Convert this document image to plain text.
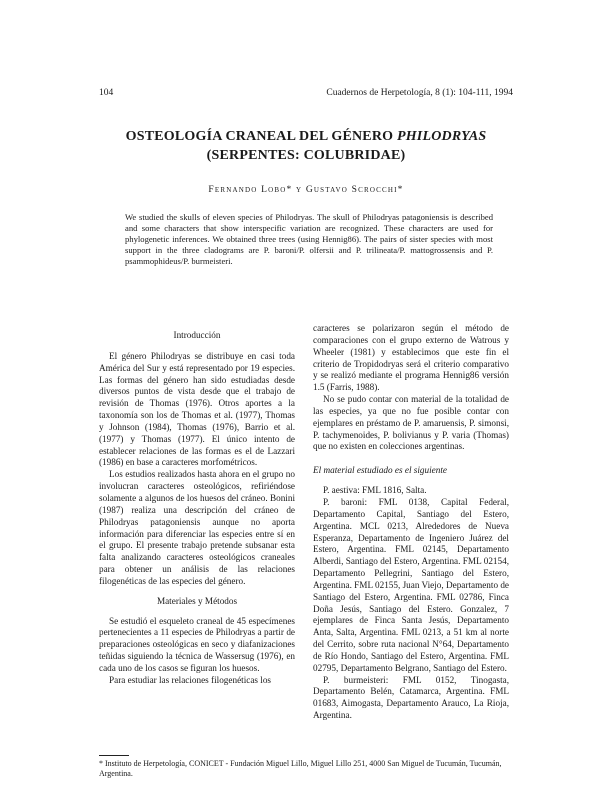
104	Cuadernos de Herpetología, 8 (1): 104-111, 1994
OSTEOLOGÍA CRANEAL DEL GÉNERO PHILODRYAS
(SERPENTES: COLUBRIDAE)
Fernando Lobo* y Gustavo Scrocchi*
We studied the skulls of eleven species of Philodryas. The skull of Philodryas patagoniensis is described and some characters that show interspecific variation are recognized. These characters are used for phylogenetic inferences. We obtained three trees (using Hennig86). The pairs of sister species with most support in the three cladograms are P. baroni/P. olfersii and P. trilineata/P. mattogrossensis and P. psammophideus/P. burmeisteri.
Introducción

El género Philodryas se distribuye en casi toda América del Sur y está representado por 19 especies. Las formas del género han sido estudiadas desde diversos puntos de vista desde que el trabajo de revisión de Thomas (1976). Otros aportes a la taxonomía son los de Thomas et al. (1977), Thomas y Johnson (1984), Thomas (1976), Barrio et al. (1977) y Thomas (1977). El único intento de establecer relaciones de las formas es el de Lazzari (1986) en base a caracteres morfométricos.

Los estudios realizados hasta ahora en el grupo no involucran caracteres osteológicos, refiriéndose solamente a algunos de los huesos del cráneo. Bonini (1987) realiza una descripción del cráneo de Philodryas patagoniensis aunque no aporta información para diferenciar las especies entre sí en el grupo. El presente trabajo pretende subsanar esta falta analizando caracteres osteológicos craneales para obtener un análisis de las relaciones filogenéticas de las especies del género.

Materiales y Métodos

Se estudió el esqueleto craneal de 45 especímenes pertenecientes a 11 especies de Philodryas a partir de preparaciones osteológicas en seco y diafanizaciones teñidas siguiendo la técnica de Wassersug (1976), en cada uno de los casos se figuran los huesos.

Para estudiar las relaciones filogenéticas los

caracteres se polarizaron según el método de comparaciones con el grupo externo de Watrous y Wheeler (1981) y establecimos que este fin el criterio de Tropidodryas será el criterio comparativo y se realizó mediante el programa Hennig86 versión 1.5 (Farris, 1988).

No se pudo contar con material de la totalidad de las especies, ya que no fue posible contar con ejemplares en préstamo de P. amaruensis, P. simonsi, P. tachymenoides, P. bolivianus y P. varia (Thomas) que no existen en colecciones argentinas.

El material estudiado es el siguiente

P. aestiva: FML 1816, Salta.

P. baroni: FML 0138, Capital Federal, Departamento Capital, Santiago del Estero, Argentina. MCL 0213, Alrededores de Nueva Esperanza, Departamento de Ingeniero Juárez del Estero, Argentina. FML 02145, Departamento Alberdi, Santiago del Estero, Argentina. FML 02154, Departamento Pellegrini, Santiago del Estero, Argentina. FML 02155, Juan Viejo, Departamento de Santiago del Estero, Argentina. FML 02786, Finca Doña Jesús, Santiago del Estero. Gonzalez, 7 ejemplares de Finca Santa Jesús, Departamento Anta, Salta, Argentina. FML 0213, a 51 km al norte del Cerrito, sobre ruta nacional N°64, Departamento de Río Hondo, Santiago del Estero, Argentina. FML 02795, Departamento Belgrano, Santiago del Estero.

P. burmeisteri: FML 0152, Tinogasta, Departamento Belén, Catamarca, Argentina. FML 01683, Aimogasta, Departamento Arauco, La Rioja, Argentina.

* Instituto de Herpetología, CONICET - Fundación Miguel Lillo, Miguel Lillo 251, 4000 San Miguel de Tucumán, Tucumán, Argentina.
